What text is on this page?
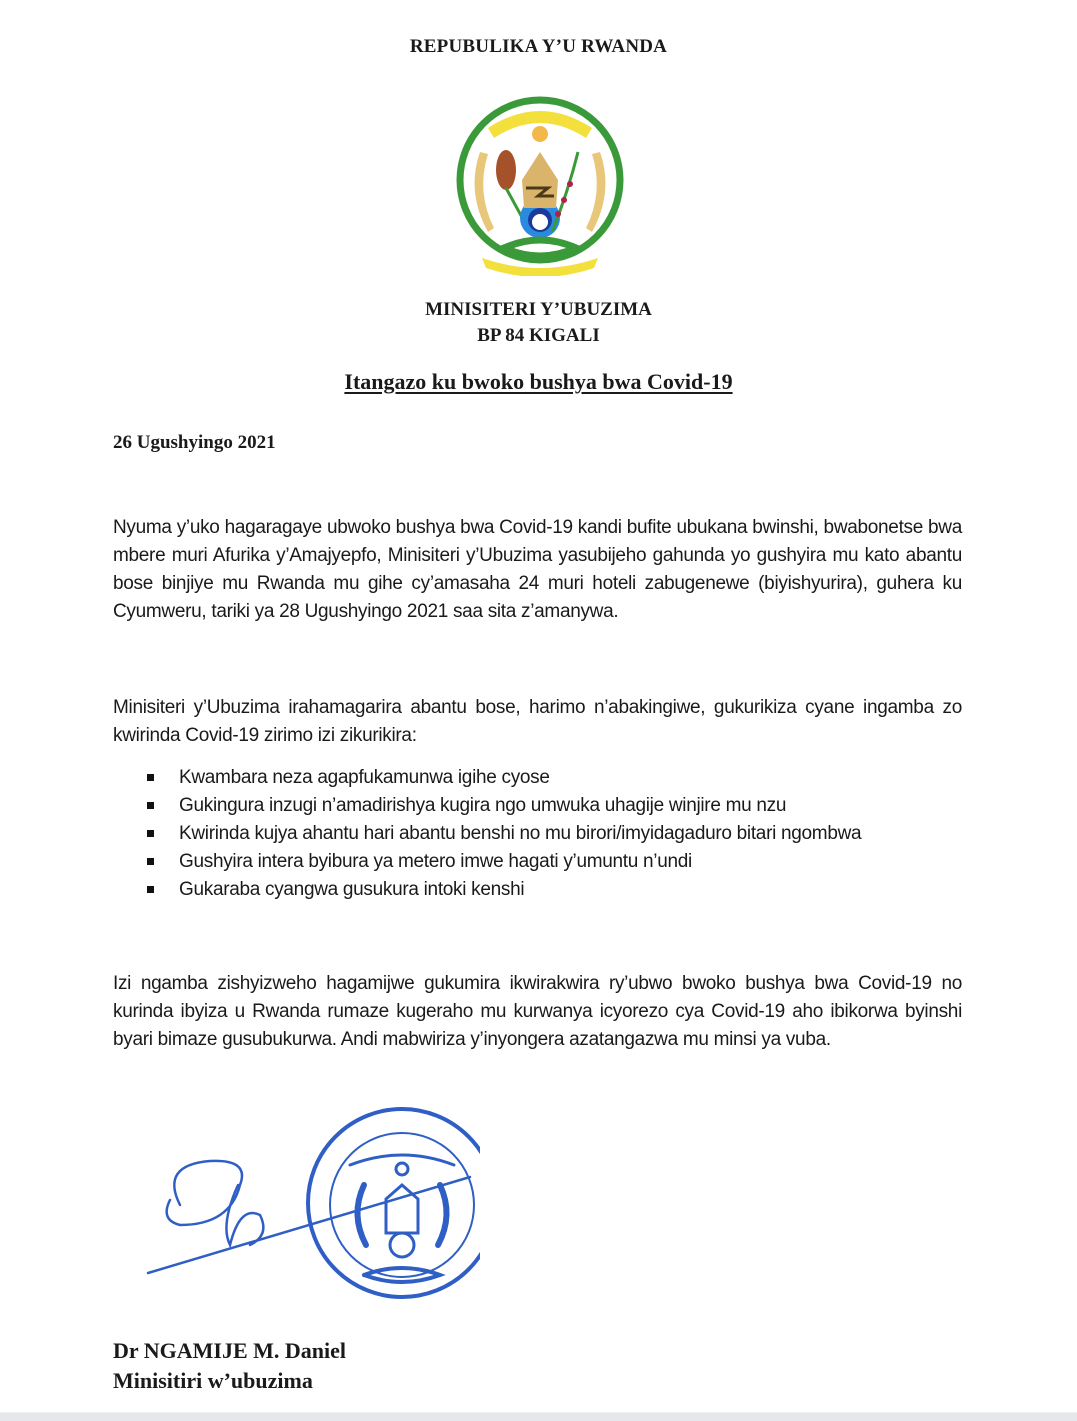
REPUBULIKA Y’U RWANDA
MINISITERI Y’UBUZIMA
BP 84 KIGALI
Itangazo ku bwoko bushya bwa Covid-19
26 Ugushyingo 2021
Nyuma y’uko hagaragaye ubwoko bushya bwa Covid-19 kandi bufite ubukana bwinshi, bwabonetse bwa mbere muri Afurika y’Amajyepfo, Minisiteri y’Ubuzima yasubijeho gahunda yo gushyira mu kato abantu bose binjiye mu Rwanda mu gihe cy’amasaha 24 muri hoteli zabugenewe (biyishyurira), guhera ku Cyumweru, tariki ya 28 Ugushyingo 2021 saa sita z’amanywa.
Minisiteri y’Ubuzima irahamagarira abantu bose, harimo n’abakingiwe, gukurikiza cyane ingamba zo kwirinda Covid-19 zirimo izi zikurikira:
Kwambara neza agapfukamunwa igihe cyose
Gukingura inzugi n’amadirishya kugira ngo umwuka uhagije winjire mu nzu
Kwirinda kujya ahantu hari abantu benshi no mu birori/imyidagaduro bitari ngombwa
Gushyira intera byibura ya metero imwe hagati y’umuntu n’undi
Gukaraba cyangwa gusukura intoki kenshi
Izi ngamba zishyizweho hagamijwe gukumira ikwirakwira ry’ubwo bwoko bushya bwa Covid-19 no kurinda ibyiza u Rwanda rumaze kugeraho mu kurwanya icyorezo cya Covid-19 aho ibikorwa byinshi byari bimaze gusubukurwa. Andi mabwiriza y’inyongera azatangazwa mu minsi ya vuba.
Dr NGAMIJE M. Daniel
Minisitiri w’ubuzima
